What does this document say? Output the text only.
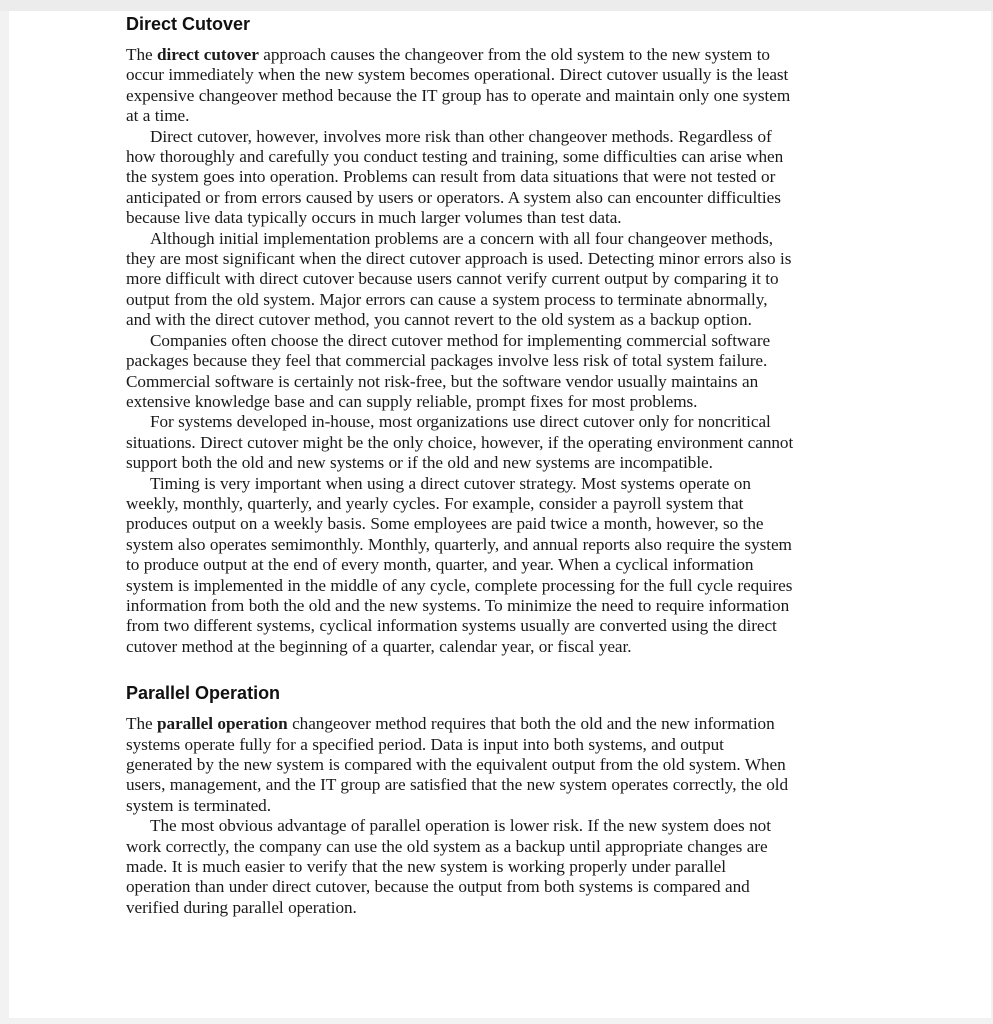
Direct Cutover

The direct cutover approach causes the changeover from the old system to the new system to occur immediately when the new system becomes operational. Direct cutover usually is the least expensive changeover method because the IT group has to operate and maintain only one system at a time.

Direct cutover, however, involves more risk than other changeover methods. Regardless of how thoroughly and carefully you conduct testing and training, some difficulties can arise when the system goes into operation. Problems can result from data situations that were not tested or anticipated or from errors caused by users or operators. A system also can encounter difficulties because live data typically occurs in much larger volumes than test data.

Although initial implementation problems are a concern with all four changeover methods, they are most significant when the direct cutover approach is used. Detecting minor errors also is more difficult with direct cutover because users cannot verify current output by comparing it to output from the old system. Major errors can cause a system process to terminate abnormally, and with the direct cutover method, you cannot revert to the old system as a backup option.

Companies often choose the direct cutover method for implementing commercial software packages because they feel that commercial packages involve less risk of total system failure. Commercial software is certainly not risk-free, but the software vendor usually maintains an extensive knowledge base and can supply reliable, prompt fixes for most problems.

For systems developed in-house, most organizations use direct cutover only for noncritical situations. Direct cutover might be the only choice, however, if the operating environment cannot support both the old and new systems or if the old and new systems are incompatible.

Timing is very important when using a direct cutover strategy. Most systems operate on weekly, monthly, quarterly, and yearly cycles. For example, consider a payroll system that produces output on a weekly basis. Some employees are paid twice a month, however, so the system also operates semimonthly. Monthly, quarterly, and annual reports also require the system to produce output at the end of every month, quarter, and year. When a cyclical information system is implemented in the middle of any cycle, complete processing for the full cycle requires information from both the old and the new systems. To minimize the need to require information from two different systems, cyclical information systems usually are converted using the direct cutover method at the beginning of a quarter, calendar year, or fiscal year.

Parallel Operation

The parallel operation changeover method requires that both the old and the new information systems operate fully for a specified period. Data is input into both systems, and output generated by the new system is compared with the equivalent output from the old system. When users, management, and the IT group are satisfied that the new system operates correctly, the old system is terminated.

The most obvious advantage of parallel operation is lower risk. If the new system does not work correctly, the company can use the old system as a backup until appropriate changes are made. It is much easier to verify that the new system is working properly under parallel operation than under direct cutover, because the output from both systems is compared and verified during parallel operation.
